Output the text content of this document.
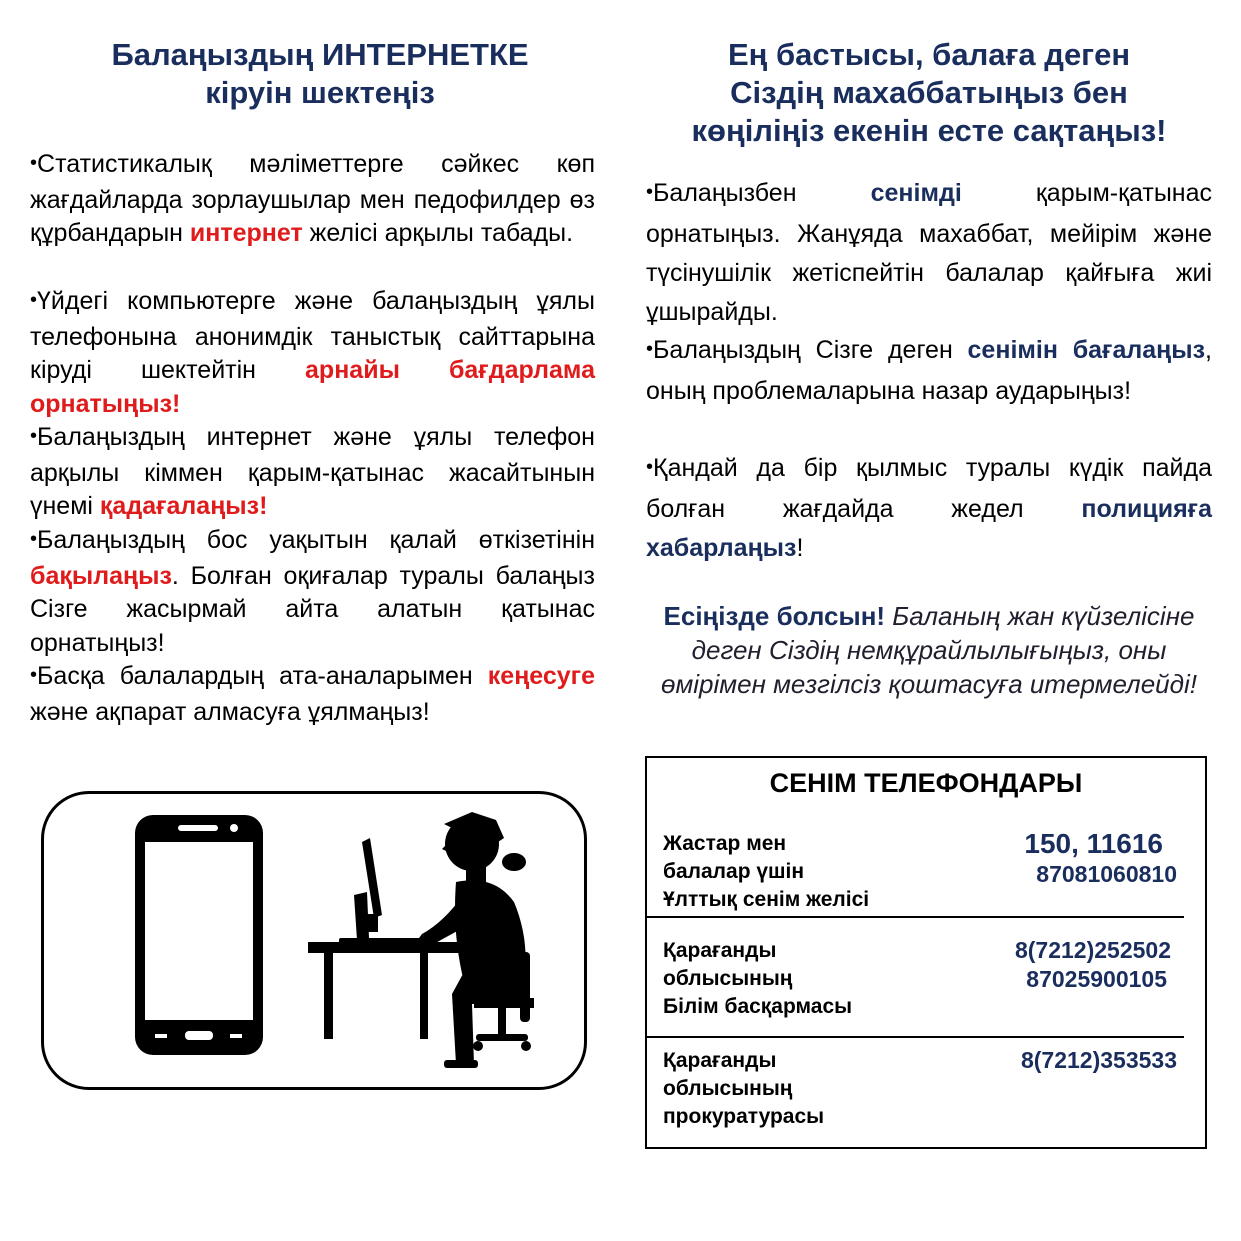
Балаңыздың ИНТЕРНЕТКЕ
кіруін шектеңіз

•Статистикалық мәліметтерге сәйкес көп жағдайларда зорлаушылар мен педофилдер өз құрбандарын интернет желісі арқылы табады.

•Үйдегі компьютерге және балаңыздың ұялы телефонына анонимдік таныстық сайттарына кіруді шектейтін арнайы бағдарлама орнатыңыз!

•Балаңыздың интернет және ұялы телефон арқылы кіммен қарым-қатынас жасайтынын үнемі қадағалаңыз!

•Балаңыздың бос уақытын қалай өткізетінін бақылаңыз. Болған оқиғалар туралы балаңыз Сізге жасырмай айта алатын қатынас орнатыңыз!

•Басқа балалардың ата-аналарымен кеңесуге және ақпарат алмасуға ұялмаңыз!

Ең бастысы, балаға деген
Сіздің махаббатыңыз бен
көңіліңіз екенін есте сақтаңыз!

•Балаңызбен сенімді қарым-қатынас орнатыңыз. Жанұяда махаббат, мейірім және түсінушілік жетіспейтін балалар қайғыға жиі ұшырайды.

•Балаңыздың Сізге деген сенімін бағалаңыз, оның проблемаларына назар аударыңыз!

•Қандай да бір қылмыс туралы күдік пайда болған жағдайда жедел полицияға хабарлаңыз!

Есіңізде болсын! Баланың жан күйзелісіне деген Сіздің немқұрайлылығыңыз, оны өмірімен мезгілсіз қоштасуға итермелейді!

СЕНІМ ТЕЛЕФОНДАРЫ
Жастар мен
балалар үшін
Ұлттық сенім желісі
150, 11616
87081060810
Қарағанды
облысының
Білім басқармасы
8(7212)252502
87025900105
Қарағанды
облысының
прокуратурасы
8(7212)353533
